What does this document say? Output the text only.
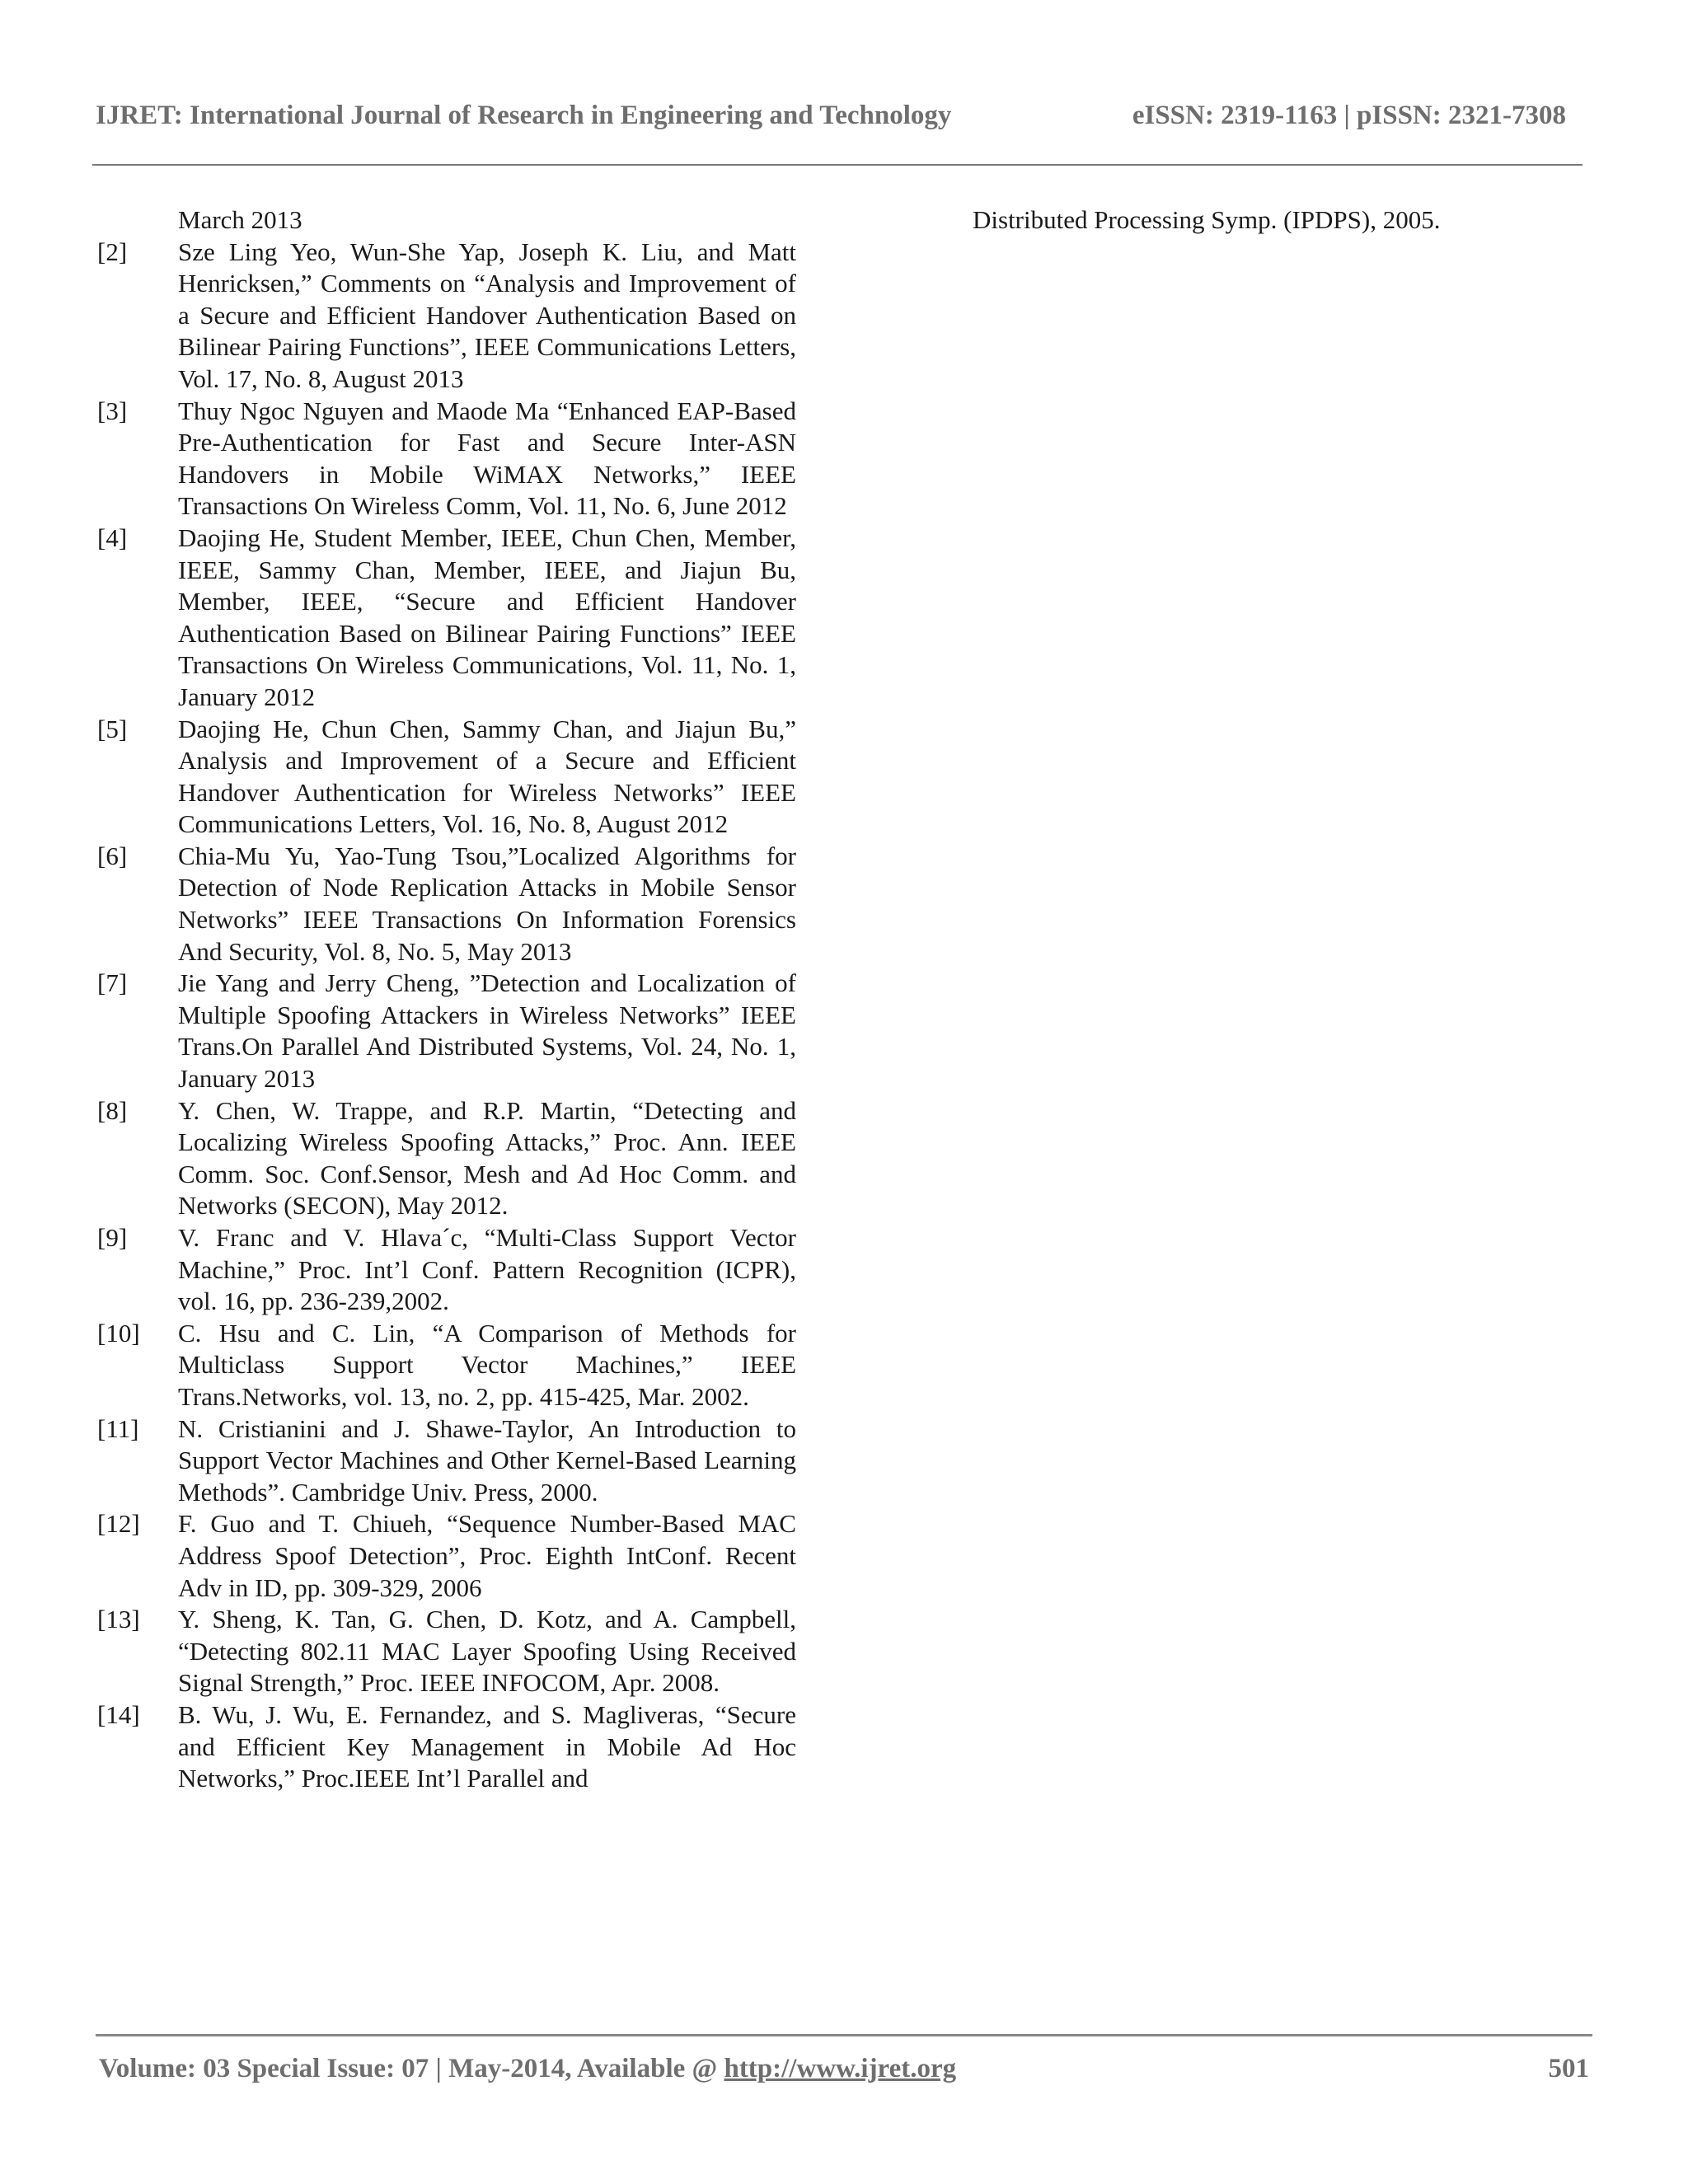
IJRET: International Journal of Research in Engineering and Technology	eISSN: 2319-1163 | pISSN: 2321-7308
March 2013
[2] Sze Ling Yeo, Wun-She Yap, Joseph K. Liu, and Matt Henricksen,” Comments on “Analysis and Improvement of a Secure and Efficient Handover Authentication Based on Bilinear Pairing Functions”, IEEE Communications Letters, Vol. 17, No. 8, August 2013
[3] Thuy Ngoc Nguyen and Maode Ma “Enhanced EAP-Based Pre-Authentication for Fast and Secure Inter-ASN Handovers in Mobile WiMAX Networks,” IEEE Transactions On Wireless Comm, Vol. 11, No. 6, June 2012
[4] Daojing He, Student Member, IEEE, Chun Chen, Member, IEEE, Sammy Chan, Member, IEEE, and Jiajun Bu, Member, IEEE, “Secure and Efficient Handover Authentication Based on Bilinear Pairing Functions” IEEE Transactions On Wireless Communications, Vol. 11, No. 1, January 2012
[5] Daojing He, Chun Chen, Sammy Chan, and Jiajun Bu,” Analysis and Improvement of a Secure and Efficient Handover Authentication for Wireless Networks” IEEE Communications Letters, Vol. 16, No. 8, August 2012
[6] Chia-Mu Yu, Yao-Tung Tsou,”Localized Algorithms for Detection of Node Replication Attacks in Mobile Sensor Networks” IEEE Transactions On Information Forensics And Security, Vol. 8, No. 5, May 2013
[7] Jie Yang and Jerry Cheng, ”Detection and Localization of Multiple Spoofing Attackers in Wireless Networks” IEEE Trans.On Parallel And Distributed Systems, Vol. 24, No. 1, January 2013
[8] Y. Chen, W. Trappe, and R.P. Martin, “Detecting and Localizing Wireless Spoofing Attacks,” Proc. Ann. IEEE Comm. Soc. Conf.Sensor, Mesh and Ad Hoc Comm. and Networks (SECON), May 2012.
[9] V. Franc and V. Hlava´c, “Multi-Class Support Vector Machine,” Proc. Int’l Conf. Pattern Recognition (ICPR), vol. 16, pp. 236-239,2002.
[10] C. Hsu and C. Lin, “A Comparison of Methods for Multiclass Support Vector Machines,” IEEE Trans.Networks, vol. 13, no. 2, pp. 415-425, Mar. 2002.
[11] N. Cristianini and J. Shawe-Taylor, An Introduction to Support Vector Machines and Other Kernel-Based Learning Methods”. Cambridge Univ. Press, 2000.
[12] F. Guo and T. Chiueh, “Sequence Number-Based MAC Address Spoof Detection”, Proc. Eighth IntConf. Recent Adv in ID, pp. 309-329, 2006
[13] Y. Sheng, K. Tan, G. Chen, D. Kotz, and A. Campbell, “Detecting 802.11 MAC Layer Spoofing Using Received Signal Strength,” Proc. IEEE INFOCOM, Apr. 2008.
[14] B. Wu, J. Wu, E. Fernandez, and S. Magliveras, “Secure and Efficient Key Management in Mobile Ad Hoc Networks,” Proc.IEEE Int’l Parallel and
Distributed Processing Symp. (IPDPS), 2005.
Volume: 03 Special Issue: 07 | May-2014, Available @ http://www.ijret.org	501
